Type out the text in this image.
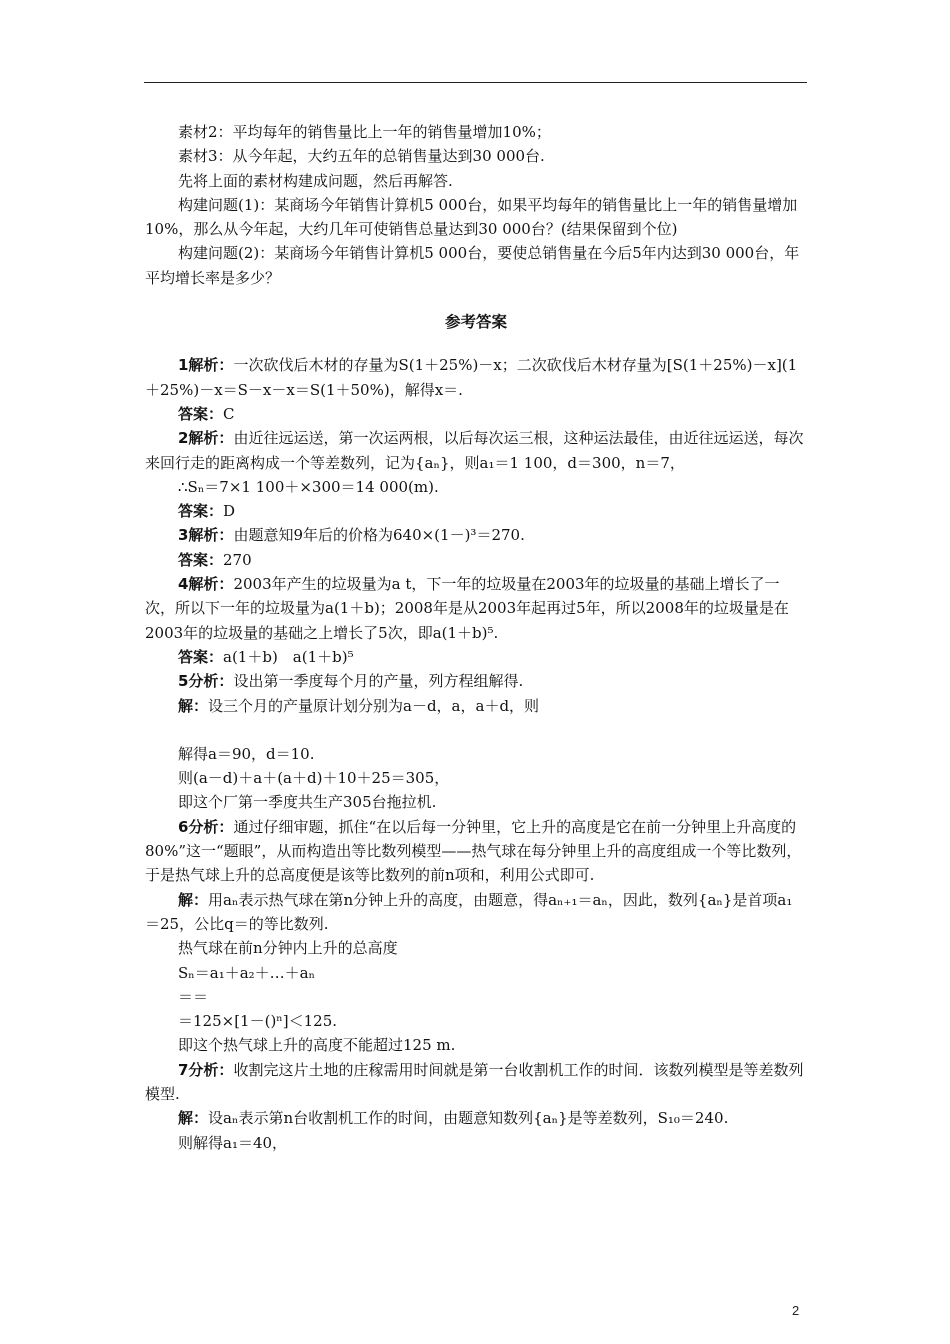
素材2：平均每年的销售量比上一年的销售量增加10%；

素材3：从今年起，大约五年的总销售量达到30 000台.

先将上面的素材构建成问题，然后再解答.

构建问题(1)：某商场今年销售计算机5 000台，如果平均每年的销售量比上一年的销售量增加10%，那么从今年起，大约几年可使销售总量达到30 000台？(结果保留到个位)

构建问题(2)：某商场今年销售计算机5 000台，要使总销售量在今后5年内达到30 000台，年平均增长率是多少？

参考答案

1解析：一次砍伐后木材的存量为S(1＋25%)－x；二次砍伐后木材存量为[S(1＋25%)－x](1＋25%)－x＝S－x－x＝S(1＋50%)，解得x＝.

答案：C

2解析：由近往远运送，第一次运两根，以后每次运三根，这种运法最佳，由近往远运送，每次来回行走的距离构成一个等差数列，记为{aₙ}，则a₁＝1 100，d＝300，n＝7，

∴Sₙ＝7×1 100＋×300＝14 000(m).

答案：D

3解析：由题意知9年后的价格为640×(1－)³＝270.

答案：270

4解析：2003年产生的垃圾量为a t，下一年的垃圾量在2003年的垃圾量的基础上增长了一次，所以下一年的垃圾量为a(1＋b)；2008年是从2003年起再过5年，所以2008年的垃圾量是在2003年的垃圾量的基础之上增长了5次，即a(1＋b)⁵.

答案：a(1＋b)　a(1＋b)⁵

5分析：设出第一季度每个月的产量，列方程组解得.

解：设三个月的产量原计划分别为a－d，a，a＋d，则

解得a＝90，d＝10.

则(a－d)＋a＋(a＋d)＋10＋25＝305，

即这个厂第一季度共生产305台拖拉机.

6分析：通过仔细审题，抓住“在以后每一分钟里，它上升的高度是它在前一分钟里上升高度的80%”这一“题眼”，从而构造出等比数列模型——热气球在每分钟里上升的高度组成一个等比数列，于是热气球上升的总高度便是该等比数列的前n项和，利用公式即可.

解：用aₙ表示热气球在第n分钟上升的高度，由题意，得aₙ₊₁＝aₙ，因此，数列{aₙ}是首项a₁＝25，公比q＝的等比数列.

热气球在前n分钟内上升的总高度

Sₙ＝a₁＋a₂＋…＋aₙ

＝＝

＝125×[1－()ⁿ]＜125.

即这个热气球上升的高度不能超过125 m.

7分析：收割完这片土地的庄稼需用时间就是第一台收割机工作的时间．该数列模型是等差数列模型.

解：设aₙ表示第n台收割机工作的时间，由题意知数列{aₙ}是等差数列，S₁₀＝240.

则解得a₁＝40，

2
